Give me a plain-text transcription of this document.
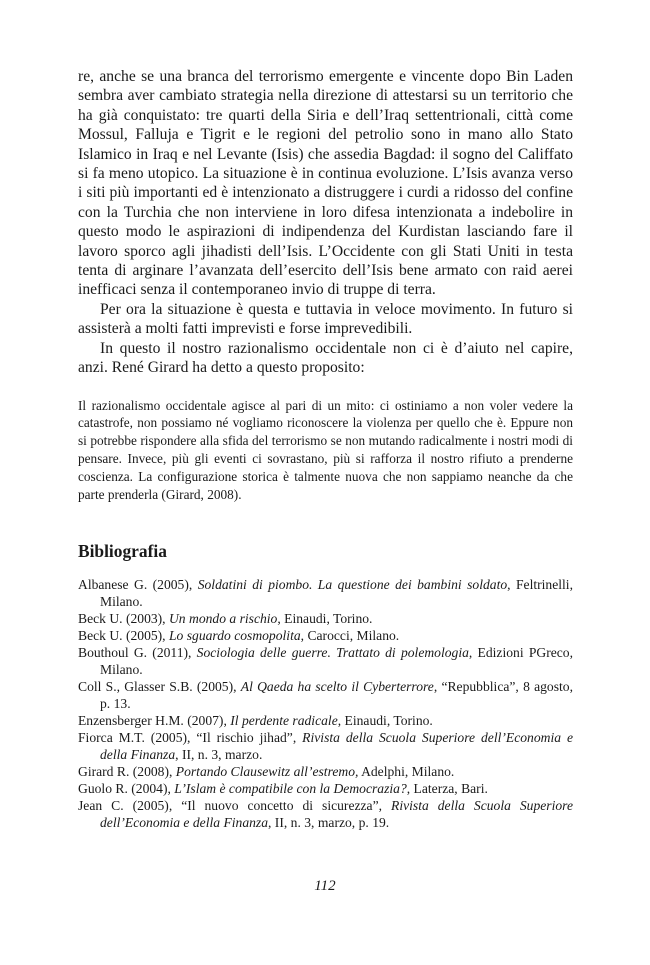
re, anche se una branca del terrorismo emergente e vincente dopo Bin Laden sembra aver cambiato strategia nella direzione di attestarsi su un territorio che ha già conquistato: tre quarti della Siria e dell’Iraq settentrionali, città come Mossul, Falluja e Tigrit e le regioni del petrolio sono in mano allo Stato Islamico in Iraq e nel Levante (Isis) che assedia Bagdad: il sogno del Califfato si fa meno utopico. La situazione è in continua evoluzione. L’Isis avanza verso i siti più importanti ed è intenzionato a distruggere i curdi a ridosso del confine con la Turchia che non interviene in loro difesa intenzionata a indebolire in questo modo le aspirazioni di indipendenza del Kurdistan lasciando fare il lavoro sporco agli jihadisti dell’Isis. L’Occidente con gli Stati Uniti in testa tenta di arginare l’avanzata dell’esercito dell’Isis bene armato con raid aerei inefficaci senza il contemporaneo invio di truppe di terra.

Per ora la situazione è questa e tuttavia in veloce movimento. In futuro si assisterà a molti fatti imprevisti e forse imprevedibili.

In questo il nostro razionalismo occidentale non ci è d’aiuto nel capire, anzi. René Girard ha detto a questo proposito:

Il razionalismo occidentale agisce al pari di un mito: ci ostiniamo a non voler vedere la catastrofe, non possiamo né vogliamo riconoscere la violenza per quello che è. Eppure non si potrebbe rispondere alla sfida del terrorismo se non mutando radicalmente i nostri modi di pensare. Invece, più gli eventi ci sovrastano, più si rafforza il nostro rifiuto a prenderne coscienza. La configurazione storica è talmente nuova che non sappiamo neanche da che parte prenderla (Girard, 2008).

Bibliografia

Albanese G. (2005), Soldatini di piombo. La questione dei bambini soldato, Feltrinelli, Milano.

Beck U. (2003), Un mondo a rischio, Einaudi, Torino.

Beck U. (2005), Lo sguardo cosmopolita, Carocci, Milano.

Bouthoul G. (2011), Sociologia delle guerre. Trattato di polemologia, Edizioni PGreco, Milano.

Coll S., Glasser S.B. (2005), Al Qaeda ha scelto il Cyberterrore, “Repubblica”, 8 agosto, p. 13.

Enzensberger H.M. (2007), Il perdente radicale, Einaudi, Torino.

Fiorca M.T. (2005), “Il rischio jihad”, Rivista della Scuola Superiore dell’Economia e della Finanza, II, n. 3, marzo.

Girard R. (2008), Portando Clausewitz all’estremo, Adelphi, Milano.

Guolo R. (2004), L’Islam è compatibile con la Democrazia?, Laterza, Bari.

Jean C. (2005), “Il nuovo concetto di sicurezza”, Rivista della Scuola Superiore dell’Economia e della Finanza, II, n. 3, marzo, p. 19.

112
